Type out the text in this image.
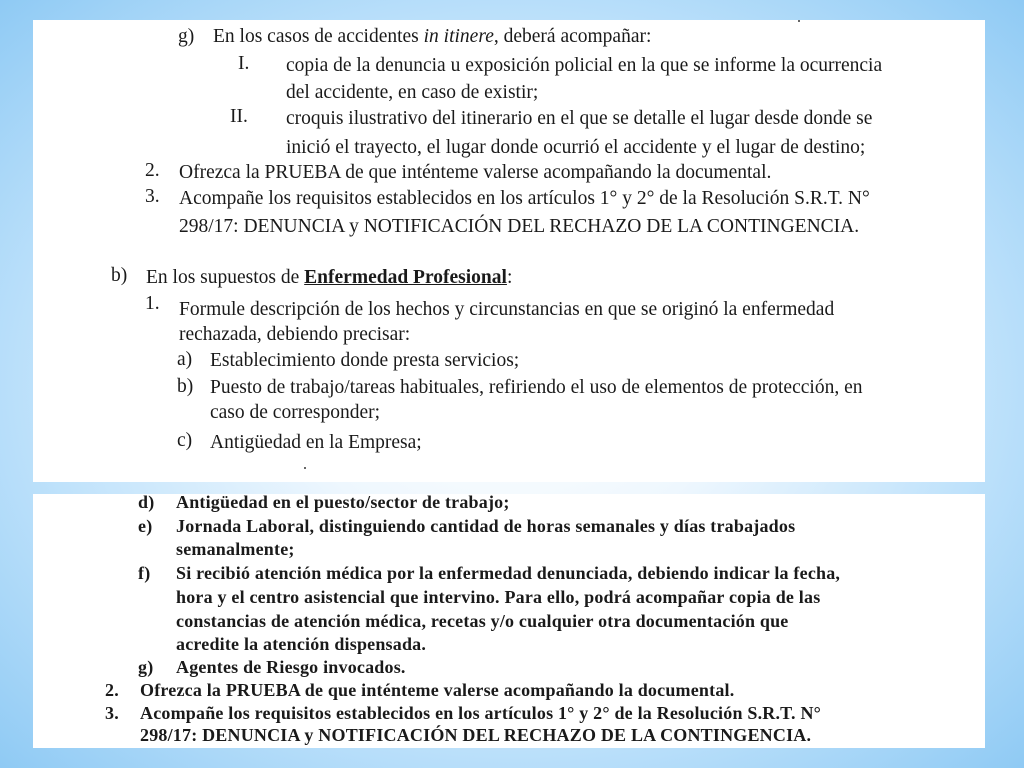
g) En los casos de accidentes in itinere, deberá acompañar:
I. copia de la denuncia u exposición policial en la que se informe la ocurrencia
del accidente, en caso de existir;
II. croquis ilustrativo del itinerario en el que se detalle el lugar desde donde se
inició el trayecto, el lugar donde ocurrió el accidente y el lugar de destino;
2. Ofrezca la PRUEBA de que inténteme valerse acompañando la documental.
3. Acompañe los requisitos establecidos en los artículos 1° y 2° de la Resolución S.R.T. N°
298/17: DENUNCIA y NOTIFICACIÓN DEL RECHAZO DE LA CONTINGENCIA.
b) En los supuestos de Enfermedad Profesional:
1. Formule descripción de los hechos y circunstancias en que se originó la enfermedad
rechazada, debiendo precisar:
a) Establecimiento donde presta servicios;
b) Puesto de trabajo/tareas habituales, refiriendo el uso de elementos de protección, en
caso de corresponder;
c) Antigüedad en la Empresa;
d) Antigüedad en el puesto/sector de trabajo;
e) Jornada Laboral, distinguiendo cantidad de horas semanales y días trabajados
semanalmente;
f) Si recibió atención médica por la enfermedad denunciada, debiendo indicar la fecha,
hora y el centro asistencial que intervino. Para ello, podrá acompañar copia de las
constancias de atención médica, recetas y/o cualquier otra documentación que
acredite la atención dispensada.
g) Agentes de Riesgo invocados.
2. Ofrezca la PRUEBA de que inténteme valerse acompañando la documental.
3. Acompañe los requisitos establecidos en los artículos 1° y 2° de la Resolución S.R.T. N°
298/17: DENUNCIA y NOTIFICACIÓN DEL RECHAZO DE LA CONTINGENCIA.
